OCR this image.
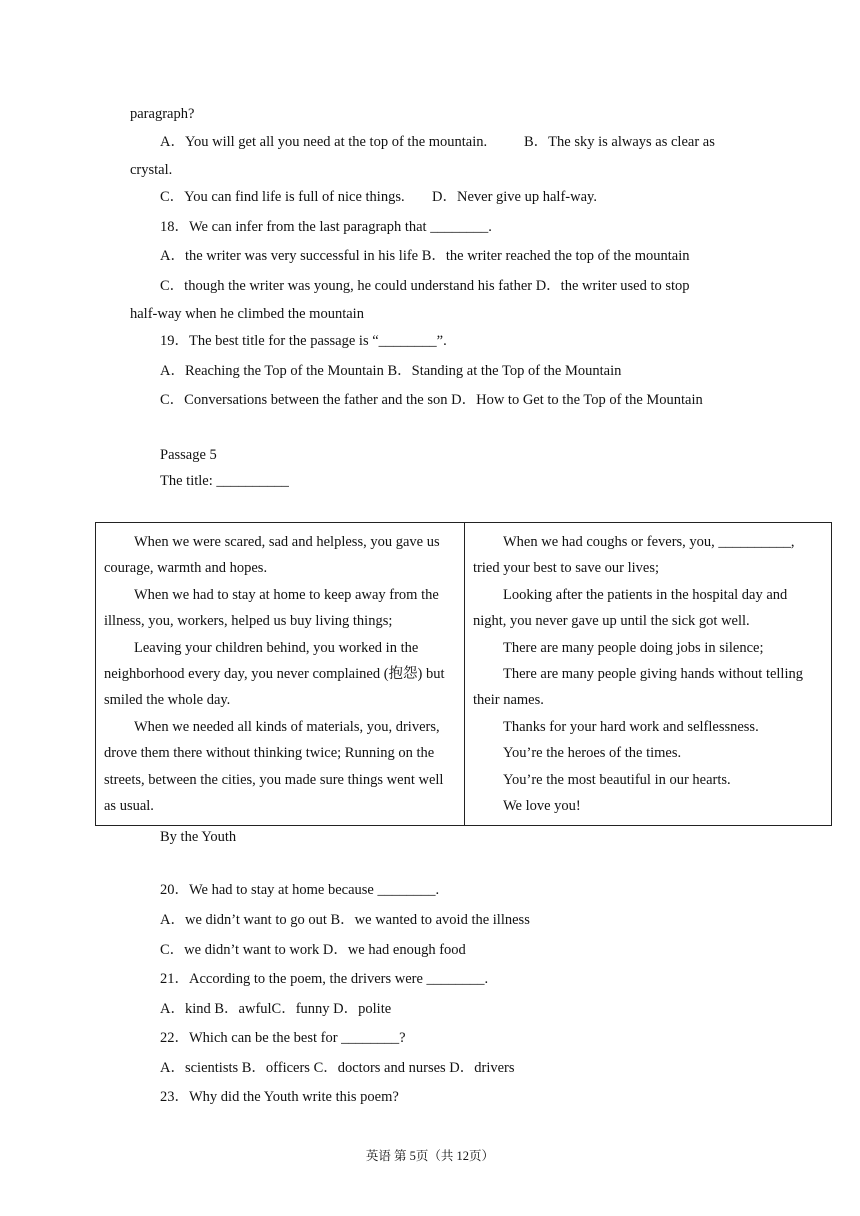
paragraph?
A．You will get all you need at the top of the mountain.	B．The sky is always as clear as
crystal.
C．You can find life is full of nice things. D．Never give up half-way.
18．We can infer from the last paragraph that ________.
A．the writer was very successful in his life B．the writer reached the top of the mountain
C．though the writer was young, he could understand his father D．the writer used to stop
half-way when he climbed the mountain
19．The best title for the passage is “________”.
A．Reaching the Top of the Mountain B．Standing at the Top of the Mountain
C．Conversations between the father and the son D．How to Get to the Top of the Mountain
Passage 5
The title: __________

When we were scared, sad and helpless, you gave us courage, warmth and hopes.

When we had to stay at home to keep away from the illness, you, workers, helped us buy living things;

Leaving your children behind, you worked in the neighborhood every day, you never complained (抱怨) but smiled the whole day.

When we needed all kinds of materials, you, drivers, drove them there without thinking twice; Running on the streets, between the cities, you made sure things went well as usual.

When we had coughs or fevers, you, __________, tried your best to save our lives;

Looking after the patients in the hospital day and night, you never gave up until the sick got well.

There are many people doing jobs in silence;

There are many people giving hands without telling their names.

Thanks for your hard work and selflessness.

You’re the heroes of the times.

You’re the most beautiful in our hearts.

We love you!

By the Youth
20．We had to stay at home because ________.
A．we didn’t want to go out B．we wanted to avoid the illness
C．we didn’t want to work D．we had enough food
21．According to the poem, the drivers were ________.
A．kind B．awfulC．funny D．polite
22．Which can be the best for ________?
A．scientists B．officers C．doctors and nurses D．drivers
23．Why did the Youth write this poem?
英语 第 5页（共 12页）
